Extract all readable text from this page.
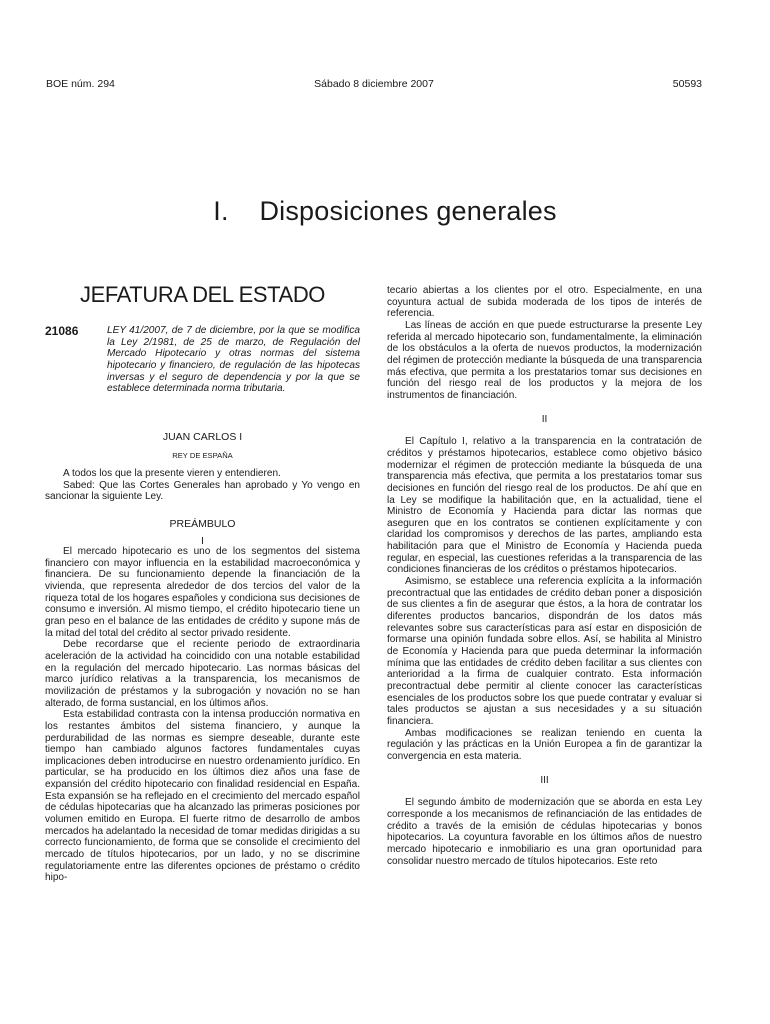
BOE núm. 294	Sábado 8 diciembre 2007	50593
I.    Disposiciones generales
JEFATURA DEL ESTADO
21086	LEY 41/2007, de 7 de diciembre, por la que se modifica la Ley 2/1981, de 25 de marzo, de Regulación del Mercado Hipotecario y otras normas del sistema hipotecario y financiero, de regulación de las hipotecas inversas y el seguro de dependencia y por la que se establece determinada norma tributaria.
JUAN CARLOS I
REY DE ESPAÑA

A todos los que la presente vieren y entendieren.

Sabed: Que las Cortes Generales han aprobado y Yo vengo en sancionar la siguiente Ley.

PREÁMBULO
I

El mercado hipotecario es uno de los segmentos del sistema financiero con mayor influencia en la estabilidad macroeconómica y financiera. De su funcionamiento depende la financiación de la vivienda, que representa alrededor de dos tercios del valor de la riqueza total de los hogares españoles y condiciona sus decisiones de consumo e inversión. Al mismo tiempo, el crédito hipotecario tiene un gran peso en el balance de las entidades de crédito y supone más de la mitad del total del crédito al sector privado residente.

Debe recordarse que el reciente periodo de extraordinaria aceleración de la actividad ha coincidido con una notable estabilidad en la regulación del mercado hipotecario. Las normas básicas del marco jurídico relativas a la transparencia, los mecanismos de movilización de préstamos y la subrogación y novación no se han alterado, de forma sustancial, en los últimos años.

Esta estabilidad contrasta con la intensa producción normativa en los restantes ámbitos del sistema financiero, y aunque la perdurabilidad de las normas es siempre deseable, durante este tiempo han cambiado algunos factores fundamentales cuyas implicaciones deben introducirse en nuestro ordenamiento jurídico. En particular, se ha producido en los últimos diez años una fase de expansión del crédito hipotecario con finalidad residencial en España. Esta expansión se ha reflejado en el crecimiento del mercado español de cédulas hipotecarias que ha alcanzado las primeras posiciones por volumen emitido en Europa. El fuerte ritmo de desarrollo de ambos mercados ha adelantado la necesidad de tomar medidas dirigidas a su correcto funcionamiento, de forma que se consolide el crecimiento del mercado de títulos hipotecarios, por un lado, y no se discrimine regulatoriamente entre las diferentes opciones de préstamo o crédito hipo-

tecario abiertas a los clientes por el otro. Especialmente, en una coyuntura actual de subida moderada de los tipos de interés de referencia.

Las líneas de acción en que puede estructurarse la presente Ley referida al mercado hipotecario son, fundamentalmente, la eliminación de los obstáculos a la oferta de nuevos productos, la modernización del régimen de protección mediante la búsqueda de una transparencia más efectiva, que permita a los prestatarios tomar sus decisiones en función del riesgo real de los productos y la mejora de los instrumentos de financiación.

II

El Capítulo I, relativo a la transparencia en la contratación de créditos y préstamos hipotecarios, establece como objetivo básico modernizar el régimen de protección mediante la búsqueda de una transparencia más efectiva, que permita a los prestatarios tomar sus decisiones en función del riesgo real de los productos. De ahí que en la Ley se modifique la habilitación que, en la actualidad, tiene el Ministro de Economía y Hacienda para dictar las normas que aseguren que en los contratos se contienen explícitamente y con claridad los compromisos y derechos de las partes, ampliando esta habilitación para que el Ministro de Economía y Hacienda pueda regular, en especial, las cuestiones referidas a la transparencia de las condiciones financieras de los créditos o préstamos hipotecarios.

Asimismo, se establece una referencia explícita a la información precontractual que las entidades de crédito deban poner a disposición de sus clientes a fin de asegurar que éstos, a la hora de contratar los diferentes productos bancarios, dispondrán de los datos más relevantes sobre sus características para así estar en disposición de formarse una opinión fundada sobre ellos. Así, se habilita al Ministro de Economía y Hacienda para que pueda determinar la información mínima que las entidades de crédito deben facilitar a sus clientes con anterioridad a la firma de cualquier contrato. Esta información precontractual debe permitir al cliente conocer las características esenciales de los productos sobre los que puede contratar y evaluar si tales productos se ajustan a sus necesidades y a su situación financiera.

Ambas modificaciones se realizan teniendo en cuenta la regulación y las prácticas en la Unión Europea a fin de garantizar la convergencia en esta materia.

III

El segundo ámbito de modernización que se aborda en esta Ley corresponde a los mecanismos de refinanciación de las entidades de crédito a través de la emisión de cédulas hipotecarias y bonos hipotecarios. La coyuntura favorable en los últimos años de nuestro mercado hipotecario e inmobiliario es una gran oportunidad para consolidar nuestro mercado de títulos hipotecarios. Este reto
